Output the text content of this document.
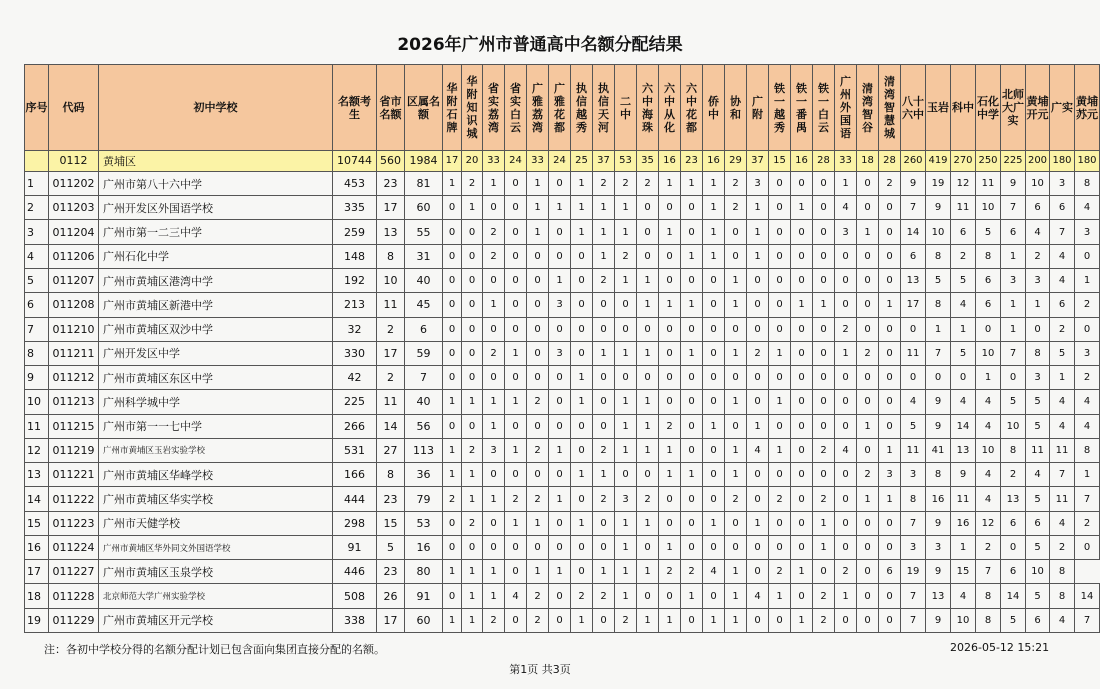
2026年广州市普通高中名额分配结果
序号	代码	初中学校	名额考生	省市名额	区属名额	华附石牌	华附知识城	省实荔湾	省实白云	广雅荔湾	广雅花都	执信越秀	执信天河	二中	六中海珠	六中从化	六中花都	侨中	协和	广附	铁一越秀	铁一番禺	铁一白云	广州外国语	清湾智谷	清湾智慧城	八十六中	玉岩	科中	石化中学	北师大广实	黄埔开元	广实	黄埔苏元
	0112	黄埔区	10744	560	1984	17	20	33	24	33	24	25	37	53	35	16	23	16	29	37	15	16	28	33	18	28	260	419	270	250	225	200	180	180
1	011202	广州市第八十六中学	453	23	81	1	2	1	0	1	0	1	2	2	2	1	1	1	2	3	0	0	0	1	0	2	9	19	12	11	9	10	3	8
2	011203	广州开发区外国语学校	335	17	60	0	1	0	0	1	1	1	1	1	0	0	0	1	2	1	0	1	0	4	0	0	7	9	11	10	7	6	6	4
3	011204	广州市第一二三中学	259	13	55	0	0	2	0	1	0	1	1	1	0	1	0	1	0	1	0	0	0	3	1	0	14	10	6	5	6	4	7	3
4	011206	广州石化中学	148	8	31	0	0	2	0	0	0	0	1	2	0	0	1	1	0	1	0	0	0	0	0	0	6	8	2	8	1	2	4	0
5	011207	广州市黄埔区港湾中学	192	10	40	0	0	0	0	0	1	0	2	1	1	0	0	0	1	0	0	0	0	0	0	0	13	5	5	6	3	3	4	1
6	011208	广州市黄埔区新港中学	213	11	45	0	0	1	0	0	3	0	0	0	1	1	1	0	1	0	0	1	1	0	0	1	17	8	4	6	1	1	6	2
7	011210	广州市黄埔区双沙中学	32	2	6	0	0	0	0	0	0	0	0	0	0	0	0	0	0	0	0	0	0	2	0	0	0	1	1	0	1	0	2	0
8	011211	广州开发区中学	330	17	59	0	0	2	1	0	3	0	1	1	1	0	1	0	1	2	1	0	0	1	2	0	11	7	5	10	7	8	5	3
9	011212	广州市黄埔区东区中学	42	2	7	0	0	0	0	0	0	1	0	0	0	0	0	0	0	0	0	0	0	0	0	0	0	0	0	1	0	3	1	2
10	011213	广州科学城中学	225	11	40	1	1	1	1	2	0	1	0	1	1	0	0	0	1	0	1	0	0	0	0	0	4	9	4	4	5	5	4	4
11	011215	广州市第一一七中学	266	14	56	0	0	1	0	0	0	0	0	1	1	2	0	1	0	1	0	0	0	0	1	0	5	9	14	4	10	5	4	4
12	011219	广州市黄埔区玉岩实验学校	531	27	113	1	2	3	1	2	1	0	2	1	1	1	0	0	1	4	1	0	2	4	0	1	11	41	13	10	8	11	11	8
13	011221	广州市黄埔区华峰学校	166	8	36	1	1	0	0	0	0	1	1	0	0	1	1	0	1	0	0	0	0	0	2	3	3	8	9	4	2	4	7	1
14	011222	广州市黄埔区华实学校	444	23	79	2	1	1	2	2	1	0	2	3	2	0	0	0	2	0	2	0	2	0	1	1	8	16	11	4	13	5	11	7
15	011223	广州市天健学校	298	15	53	0	2	0	1	1	0	1	0	1	1	0	0	1	0	1	0	0	1	0	0	0	7	9	16	12	6	6	4	2
16	011224	广州市黄埔区华外同文外国语学校	91	5	16	0	0	0	0	0	0	0	0	1	0	1	0	0	0	0	0	0	1	0	0	0	3	3	1	2	0	5	2	0
17	011227	广州市黄埔区玉泉学校	446	23	80	1	1	1	0	1	1	0	1	1	1	2	2	4	1	0	2	1	0	2	0	6	19	9	15	7	6	10	8	
18	011228	北京师范大学广州实验学校	508	26	91	0	1	1	4	2	0	2	2	1	0	0	1	0	1	4	1	0	2	1	0	0	7	13	4	8	14	5	8	14
19	011229	广州市黄埔区开元学校	338	17	60	1	1	2	0	2	0	1	0	2	1	1	0	1	1	0	0	1	2	0	0	0	7	9	10	8	5	6	4	7
注：各初中学校分得的名额分配计划已包含面向集团直接分配的名额。	2026-05-12 15:21
第1页 共3页
